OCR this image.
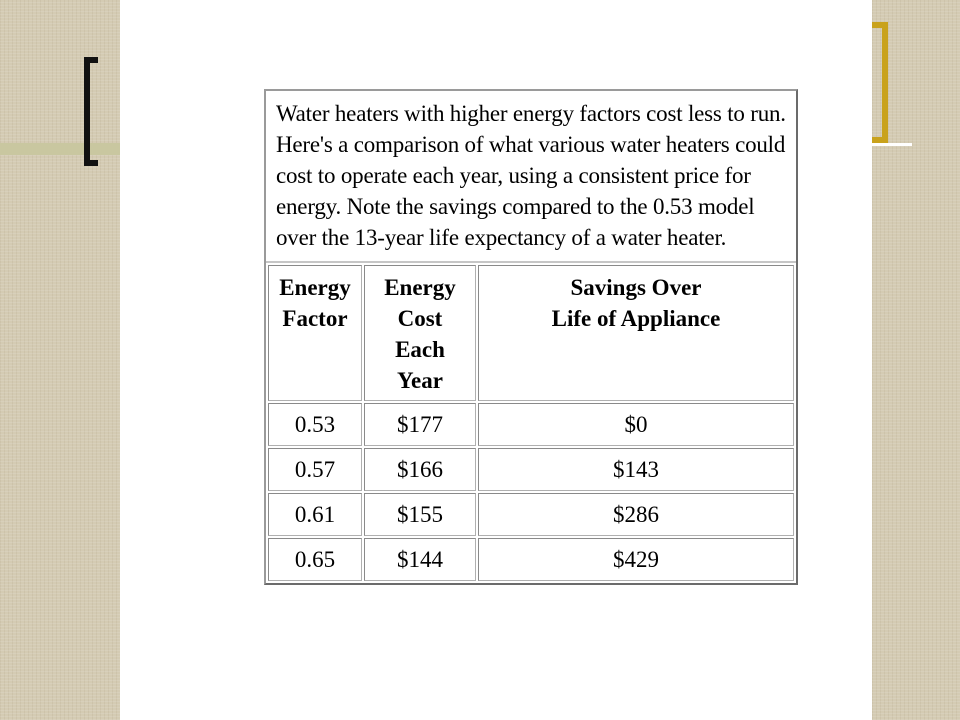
Water heaters with higher energy factors cost less to run. Here's a comparison of what various water heaters could cost to operate each year, using a consistent price for energy. Note the savings compared to the 0.53 model over the 13-year life expectancy of a water heater.
Energy
Factor	Energy
Cost
Each
Year	Savings Over
Life of Appliance

0.53	$177	$0
0.57	$166	$143
0.61	$155	$286
0.65	$144	$429
